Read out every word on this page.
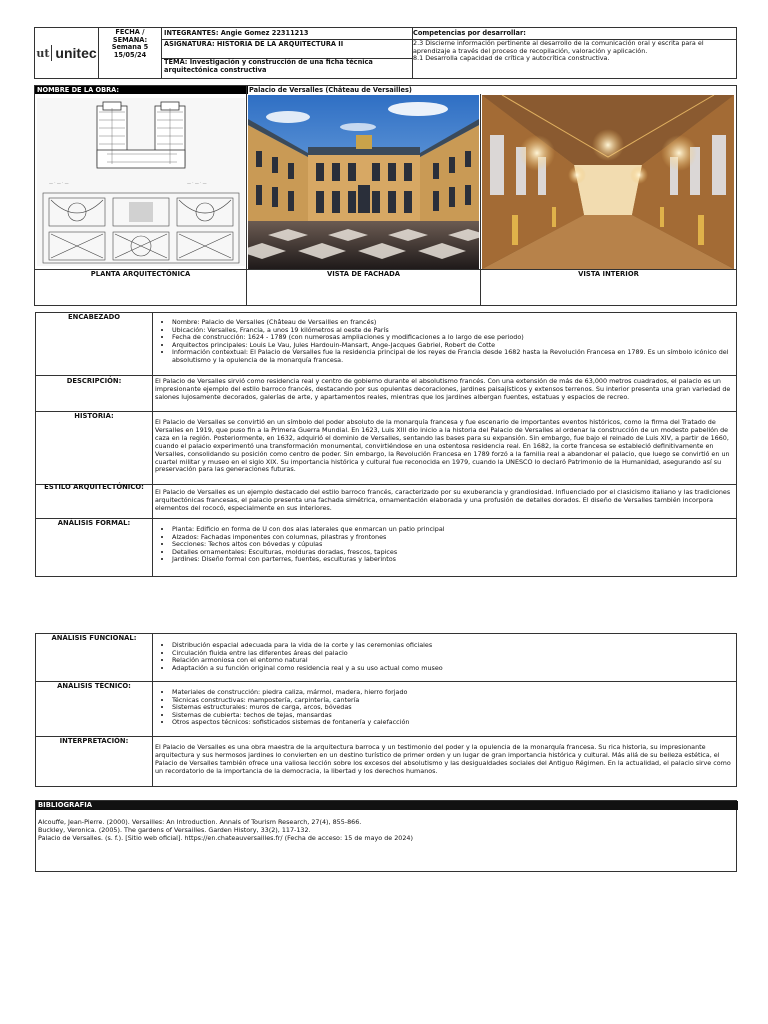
ut unitec
FECHA / SEMANA:
Semana 5
15/05/24
INTEGRANTES: Angie Gomez 22311213
ASIGNATURA: HISTORIA DE LA ARQUITECTURA II
TEMA: Investigación y construcción de una ficha técnica arquitectónica constructiva
Competencias por desarrollar:
2.3 Discierne información pertinente al desarrollo de la comunicación oral y escrita para el aprendizaje a través del proceso de recopilación, valoración y aplicación.
8.1 Desarrolla capacidad de crítica y autocrítica constructiva.
NOMBRE DE LA OBRA:	Palacio de Versalles (Château de Versailles)
— · — · —	— · — · —
PLANTA ARQUITECTÓNICA	VISTA DE FACHADA	VISTA INTERIOR
ENCABEZADO
• Nombre: Palacio de Versalles (Château de Versailles en francés)
• Ubicación: Versalles, Francia, a unos 19 kilómetros al oeste de París
• Fecha de construcción: 1624 - 1789 (con numerosas ampliaciones y modificaciones a lo largo de ese periodo)
• Arquitectos principales: Louis Le Vau, Jules Hardouin-Mansart, Ange-Jacques Gabriel, Robert de Cotte
• Información contextual: El Palacio de Versalles fue la residencia principal de los reyes de Francia desde 1682 hasta la Revolución Francesa en 1789. Es un símbolo icónico del absolutismo y la opulencia de la monarquía francesa.
DESCRIPCIÓN:	El Palacio de Versalles sirvió como residencia real y centro de gobierno durante el absolutismo francés. Con una extensión de más de 63,000 metros cuadrados, el palacio es un impresionante ejemplo del estilo barroco francés, destacando por sus opulentas decoraciones, jardines paisajísticos y extensos terrenos. Su interior presenta una gran variedad de salones lujosamente decorados, galerías de arte, y apartamentos reales, mientras que los jardines albergan fuentes, estatuas y espacios de recreo.
HISTORIA:
El Palacio de Versalles se convirtió en un símbolo del poder absoluto de la monarquía francesa y fue escenario de importantes eventos históricos, como la firma del Tratado de Versalles en 1919, que puso fin a la Primera Guerra Mundial. En 1623, Luis XIII dio inicio a la historia del Palacio de Versalles al ordenar la construcción de un modesto pabellón de caza en la región. Posteriormente, en 1632, adquirió el dominio de Versalles, sentando las bases para su expansión. Sin embargo, fue bajo el reinado de Luis XIV, a partir de 1660, cuando el palacio experimentó una transformación monumental, convirtiéndose en una ostentosa residencia real. En 1682, la corte francesa se estableció definitivamente en Versalles, consolidando su posición como centro de poder. Sin embargo, la Revolución Francesa en 1789 forzó a la familia real a abandonar el palacio, que luego se convirtió en un cuartel militar y museo en el siglo XIX. Su importancia histórica y cultural fue reconocida en 1979, cuando la UNESCO lo declaró Patrimonio de la Humanidad, asegurando así su preservación para las generaciones futuras.
ESTILO ARQUITECTÓNICO:
El Palacio de Versalles es un ejemplo destacado del estilo barroco francés, caracterizado por su exuberancia y grandiosidad. Influenciado por el clasicismo italiano y las tradiciones arquitectónicas francesas, el palacio presenta una fachada simétrica, ornamentación elaborada y una profusión de detalles dorados. El diseño de Versalles también incorpora elementos del rococó, especialmente en sus interiores.
ANÁLISIS FORMAL:
• Planta: Edificio en forma de U con dos alas laterales que enmarcan un patio principal
• Alzados: Fachadas imponentes con columnas, pilastras y frontones
• Secciones: Techos altos con bóvedas y cúpulas
• Detalles ornamentales: Esculturas, molduras doradas, frescos, tapices
• Jardines: Diseño formal con parterres, fuentes, esculturas y laberintos
ANÁLISIS FUNCIONAL:
• Distribución espacial adecuada para la vida de la corte y las ceremonias oficiales
• Circulación fluida entre las diferentes áreas del palacio
• Relación armoniosa con el entorno natural
• Adaptación a su función original como residencia real y a su uso actual como museo
ANÁLISIS TÉCNICO:
• Materiales de construcción: piedra caliza, mármol, madera, hierro forjado
• Técnicas constructivas: mampostería, carpintería, cantería
• Sistemas estructurales: muros de carga, arcos, bóvedas
• Sistemas de cubierta: techos de tejas, mansardas
• Otros aspectos técnicos: sofisticados sistemas de fontanería y calefacción
INTERPRETACIÓN:
El Palacio de Versalles es una obra maestra de la arquitectura barroca y un testimonio del poder y la opulencia de la monarquía francesa. Su rica historia, su impresionante arquitectura y sus hermosos jardines lo convierten en un destino turístico de primer orden y un lugar de gran importancia histórica y cultural. Más allá de su belleza estética, el Palacio de Versalles también ofrece una valiosa lección sobre los excesos del absolutismo y las desigualdades sociales del Antiguo Régimen. En la actualidad, el palacio sirve como un recordatorio de la importancia de la democracia, la libertad y los derechos humanos.
BIBLIOGRAFIA
Alcouffe, Jean-Pierre. (2000). Versailles: An Introduction. Annals of Tourism Research, 27(4), 855-866.
Buckley, Veronica. (2005). The gardens of Versailles. Garden History, 33(2), 117-132.
Palacio de Versalles. (s. f.). [Sitio web oficial]. https://en.chateauversailles.fr/ (Fecha de acceso: 15 de mayo de 2024)
